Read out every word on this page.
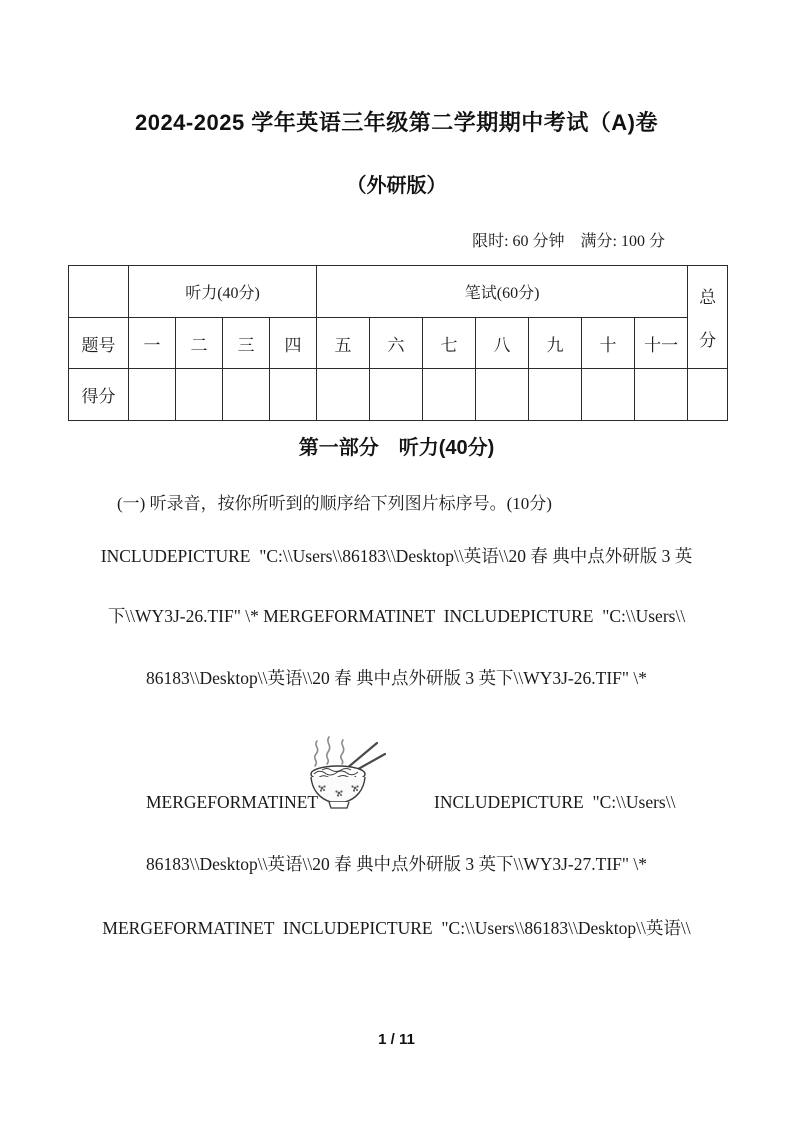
2024-2025 学年英语三年级第二学期期中考试（A)卷
（外研版）
限时: 60 分钟　满分: 100 分
	听力(40分)				笔试(60分)							总
分

题号	一	二	三	四	五	六	七	八	九	十	十一	
得分												
第一部分　听力(40分)
(一) 听录音，按你所听到的顺序给下列图片标序号。(10分)
INCLUDEPICTURE  "C:\\Users\\86183\\Desktop\\英语\\20 春 典中点外研版 3 英
下\\WY3J-26.TIF" \* MERGEFORMATINET  INCLUDEPICTURE  "C:\\Users\\
86183\\Desktop\\英语\\20 春 典中点外研版 3 英下\\WY3J-26.TIF" \*
MERGEFORMATINET	INCLUDEPICTURE  "C:\\Users\\
86183\\Desktop\\英语\\20 春 典中点外研版 3 英下\\WY3J-27.TIF" \*
MERGEFORMATINET  INCLUDEPICTURE  "C:\\Users\\86183\\Desktop\\英语\\
1 / 11
